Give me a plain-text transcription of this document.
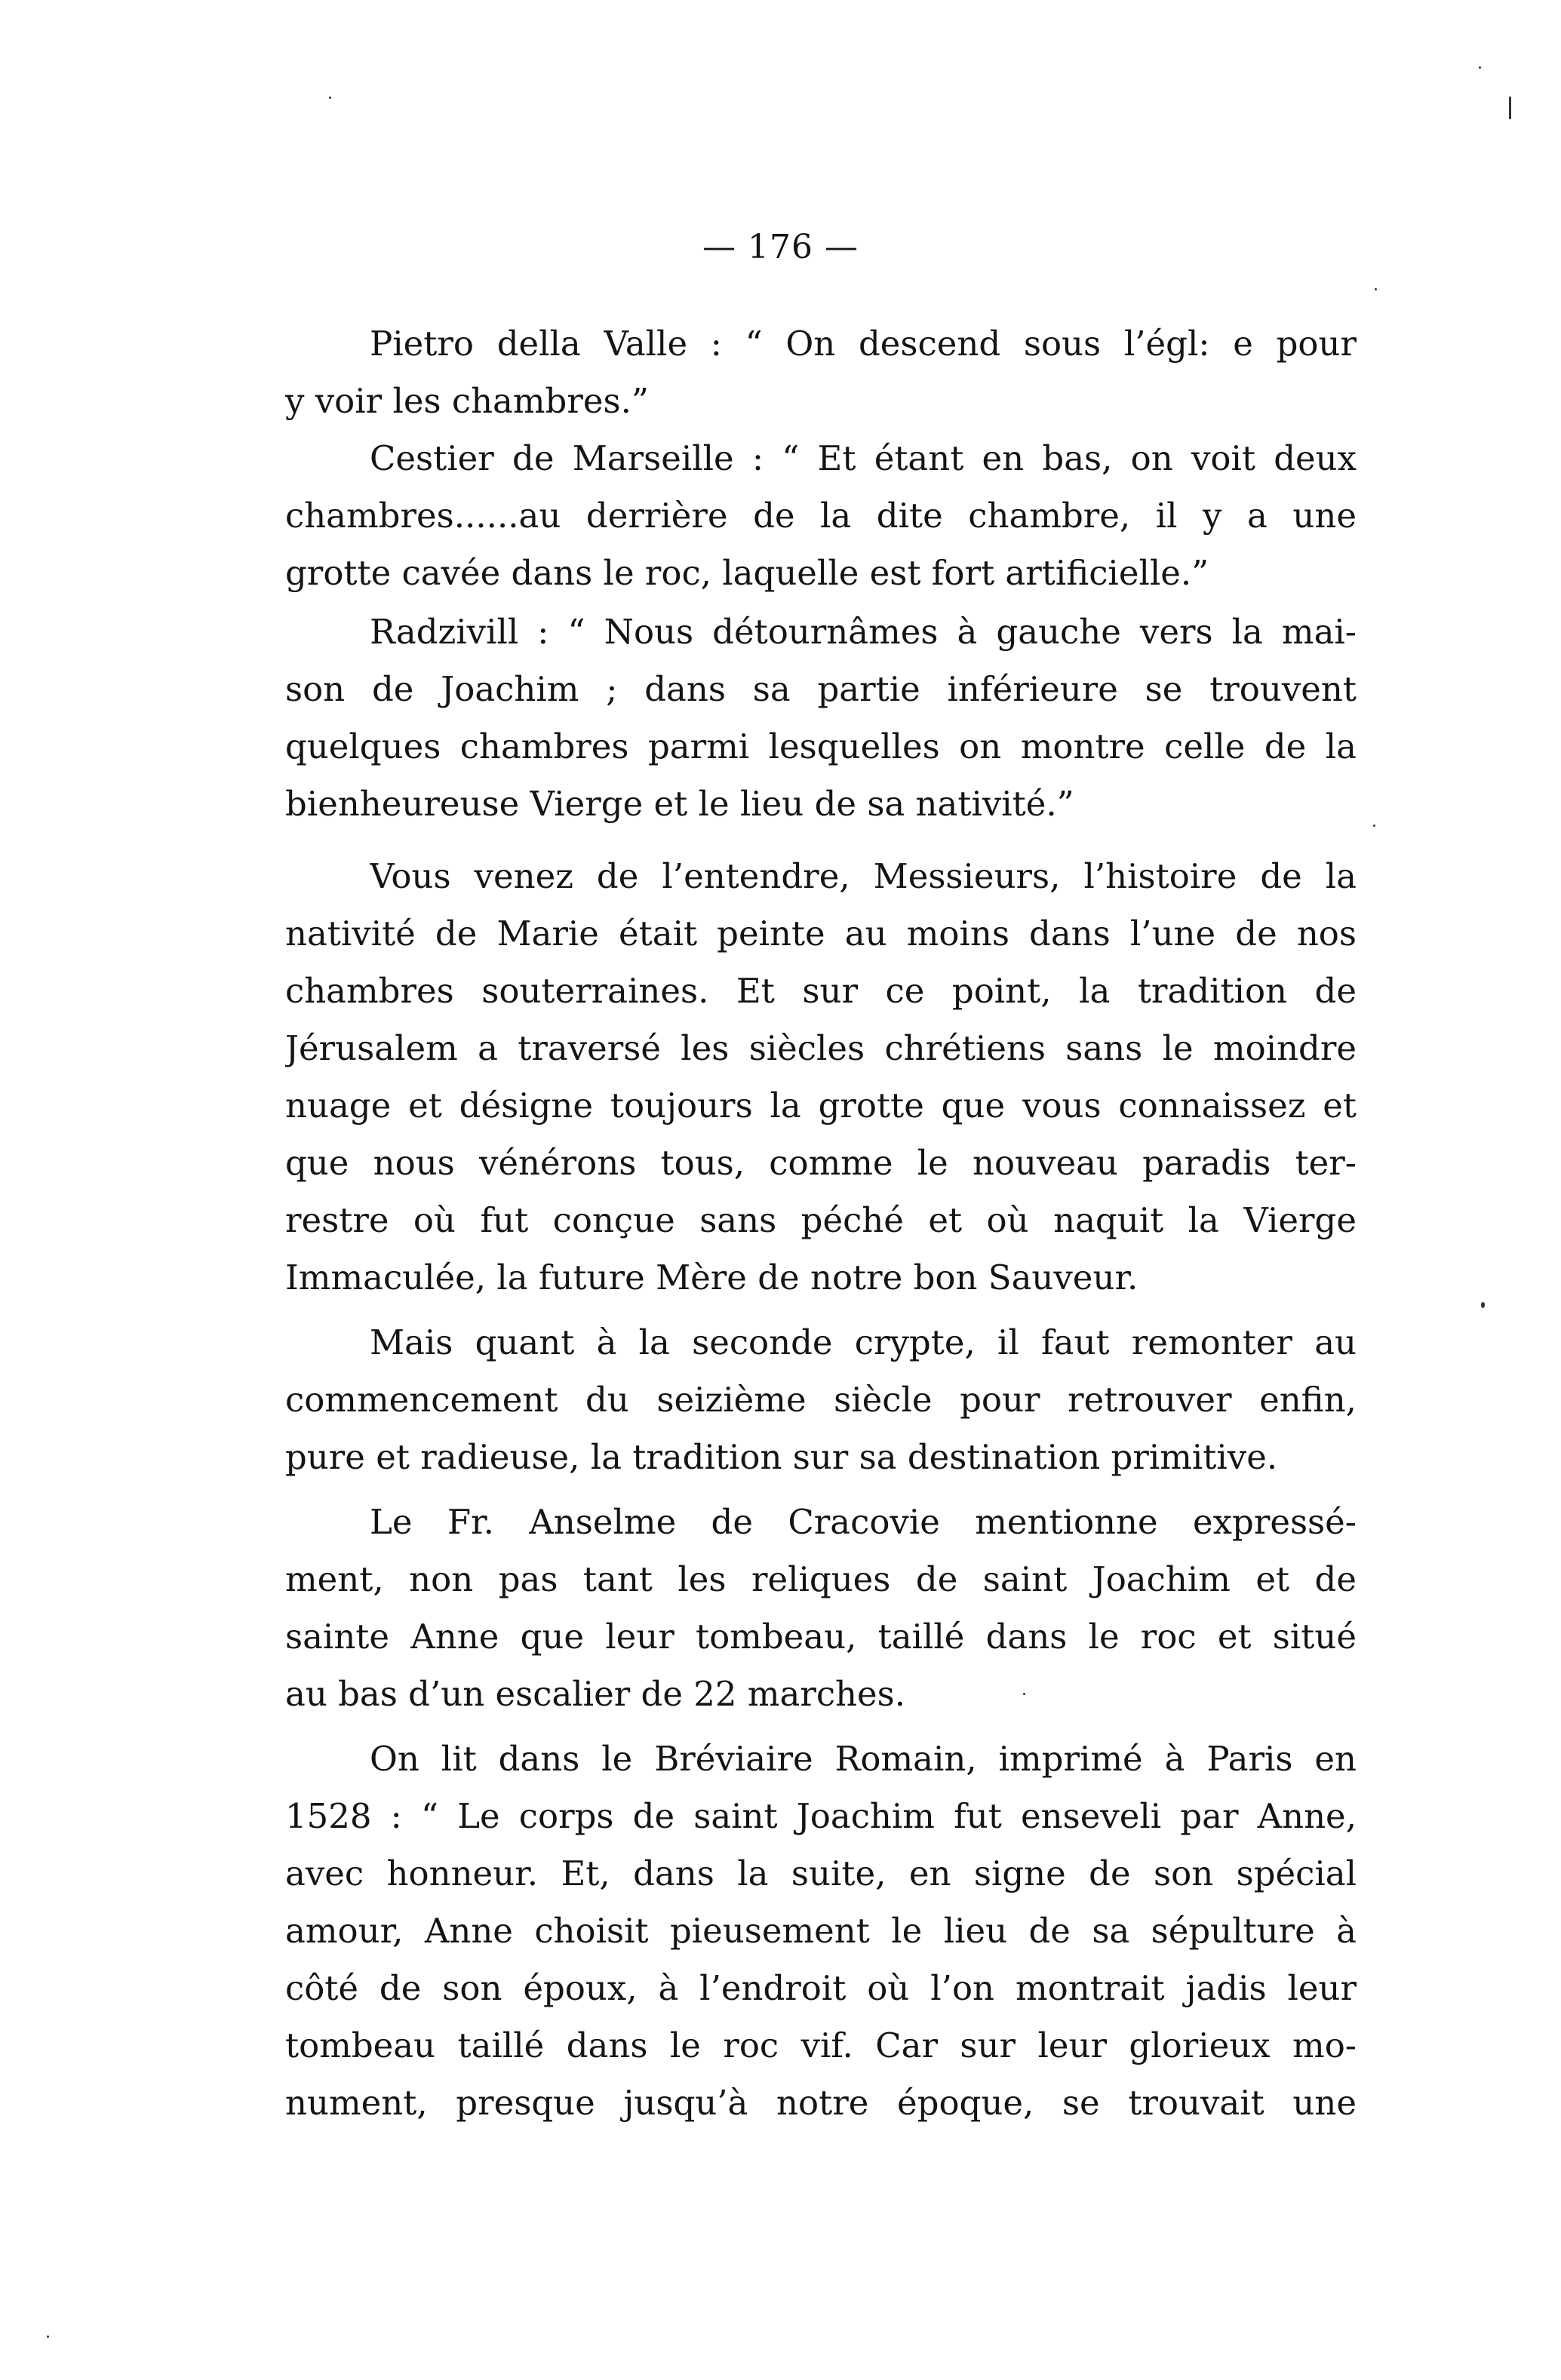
— 176 —
Pietro della Valle : “ On descend sous l’égl: e pour
y voir les chambres.”
Cestier de Marseille : “ Et étant en bas, on voit deux
chambres......au derrière de la dite chambre, il y a une
grotte cavée dans le roc, laquelle est fort artificielle.”
Radzivill : “ Nous détournâmes à gauche vers la mai-
son de Joachim ; dans sa partie inférieure se trouvent
quelques chambres parmi lesquelles on montre celle de la
bienheureuse Vierge et le lieu de sa nativité.”
Vous venez de l’entendre, Messieurs, l’histoire de la
nativité de Marie était peinte au moins dans l’une de nos
chambres souterraines. Et sur ce point, la tradition de
Jérusalem a traversé les siècles chrétiens sans le moindre
nuage et désigne toujours la grotte que vous connaissez et
que nous vénérons tous, comme le nouveau paradis ter-
restre où fut conçue sans péché et où naquit la Vierge
Immaculée, la future Mère de notre bon Sauveur.
Mais quant à la seconde crypte, il faut remonter au
commencement du seizième siècle pour retrouver enfin,
pure et radieuse, la tradition sur sa destination primitive.
Le Fr. Anselme de Cracovie mentionne expressé-
ment, non pas tant les reliques de saint Joachim et de
sainte Anne que leur tombeau, taillé dans le roc et situé
au bas d’un escalier de 22 marches.
On lit dans le Bréviaire Romain, imprimé à Paris en
1528 : “ Le corps de saint Joachim fut enseveli par Anne,
avec honneur. Et, dans la suite, en signe de son spécial
amour, Anne choisit pieusement le lieu de sa sépulture à
côté de son époux, à l’endroit où l’on montrait jadis leur
tombeau taillé dans le roc vif. Car sur leur glorieux mo-
nument, presque jusqu’à notre époque, se trouvait une
